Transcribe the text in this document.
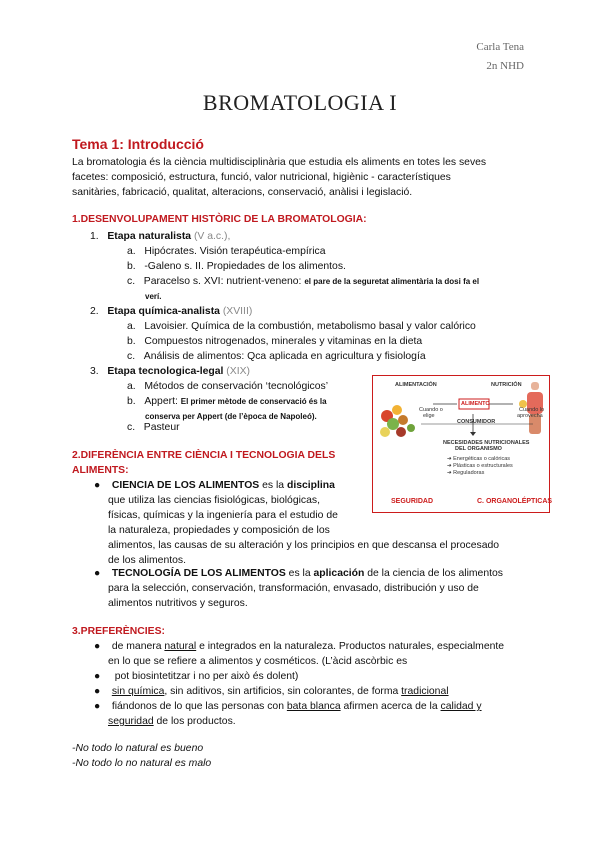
Carla Tena
2n NHD
BROMATOLOGIA I
Tema 1: Introducció
La bromatologia és la ciència multidisciplinària que estudia els aliments en totes les seves
facetes: composició, estructura, funció, valor nutricional, higiènic - característiques
sanitàries, fabricació, qualitat, alteracions, conservació, anàlisi i legislació.
1.DESENVOLUPAMENT HISTÒRIC DE LA BROMATOLOGIA:
1. Etapa naturalista (V a.c.),
a. Hipócrates. Visión terapéutica-empírica
b. -Galeno s. II. Propiedades de los alimentos.
c. Paracelso s. XVI: nutrient-veneno: el pare de la seguretat alimentària la dosi fa el
verí.
2. Etapa química-analista (XVIII)
a. Lavoisier. Química de la combustión, metabolismo basal y valor calórico
b. Compuestos nitrogenados, minerales y vitaminas en la dieta
c. Análisis de alimentos: Qca aplicada en agricultura y fisiología
3. Etapa tecnologica-legal (XIX)
a. Métodos de conservación ‘tecnológicos’
b. Appert: El primer mètode de conservació és la
conserva per Appert (de l’època de Napoleó).
c. Pasteur
ALIMENTACIÓN	NUTRICIÓN
Cuando o
elige
ALIMENTO
Cuando lo
aprovecha
CONSUMIDOR
NECESIDADES NUTRICIONALES
DEL ORGANISMO
➔ Energéticas o calóricas
➔ Plásticas o estructurales
➔ Reguladoras
SEGURIDAD	C. ORGANOLÉPTICAS
2.DIFERÈNCIA ENTRE CIÈNCIA I TECNOLOGIA DELS
ALIMENTS:
●    CIENCIA DE LOS ALIMENTOS es la disciplina
que utiliza las ciencias fisiológicas, biológicas,
físicas, químicas y la ingeniería para el estudio de
la naturaleza, propiedades y composición de los
alimentos, las causas de su alteración y los principios en que descansa el procesado
de los alimentos.
●    TECNOLOGÍA DE LOS ALIMENTOS es la aplicación de la ciencia de los alimentos
para la selección, conservación, transformación, envasado, distribución y uso de
alimentos nutritivos y seguros.
3.PREFERÈNCIES:
●    de manera natural e integrados en la naturaleza. Productos naturales, especialmente
en lo que se refiere a alimentos y cosméticos. (L’àcid ascòrbic es
●     pot biosintetitzar i no per això és dolent)
●    sin química, sin aditivos, sin artificios, sin colorantes, de forma tradicional
●    fiándonos de lo que las personas con bata blanca afirmen acerca de la calidad y
seguridad de los productos.
-No todo lo natural es bueno
-No todo lo no natural es malo
